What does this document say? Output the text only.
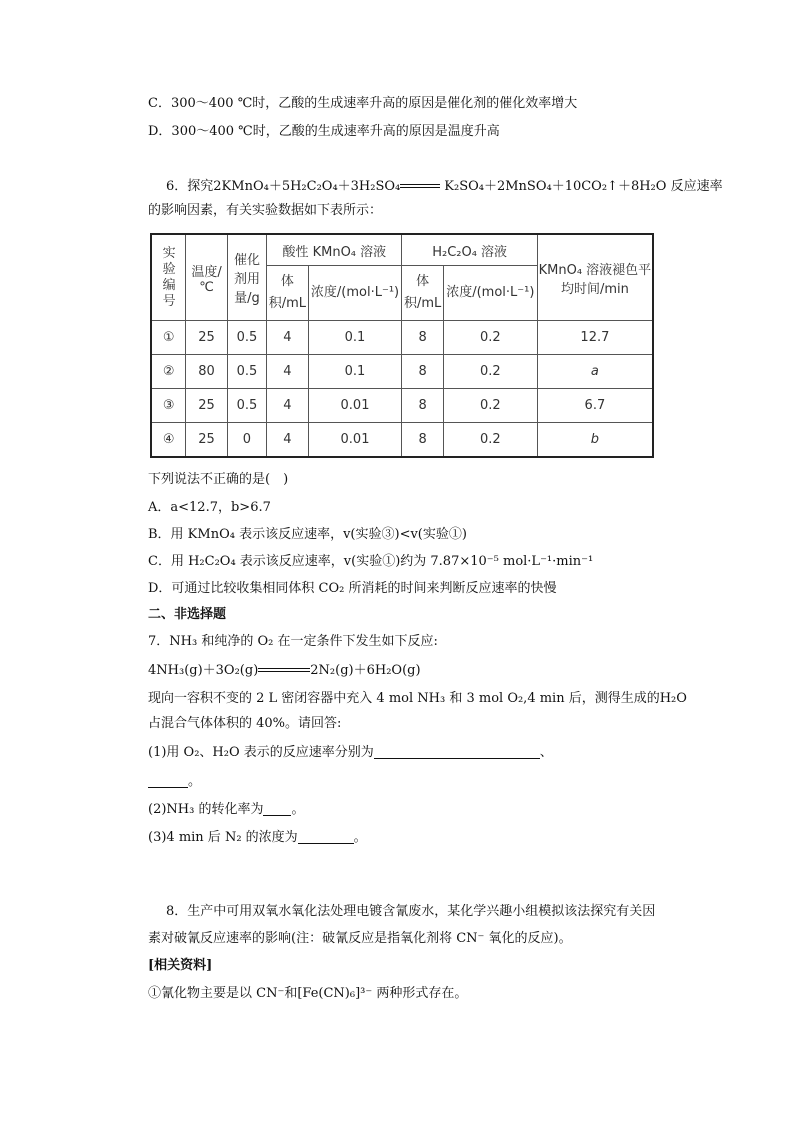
C．300～400 ℃时，乙酸的生成速率升高的原因是催化剂的催化效率增大
D．300～400 ℃时，乙酸的生成速率升高的原因是温度升高
6．探究2KMnO₄＋5H₂C₂O₄＋3H₂SO₄	K₂SO₄＋2MnSO₄＋10CO₂↑＋8H₂O 反应速率
的影响因素，有关实验数据如下表所示：
实验编号	温度/℃	催化剂用量/g	酸性 KMnO₄ 溶液		H₂C₂O₄ 溶液		KMnO₄ 溶液褪色平均时间/min
			体积/mL	浓度/(mol·L⁻¹)	体积/mL	浓度/(mol·L⁻¹)	
①	25	0.5	4	0.1	8	0.2	12.7
②	80	0.5	4	0.1	8	0.2	a
③	25	0.5	4	0.01	8	0.2	6.7
④	25	0	4	0.01	8	0.2	b
下列说法不正确的是(　)
A．a<12.7，b>6.7
B．用 KMnO₄ 表示该反应速率，v(实验③)<v(实验①)
C．用 H₂C₂O₄ 表示该反应速率，v(实验①)约为 7.87×10⁻⁵ mol·L⁻¹·min⁻¹
D．可通过比较收集相同体积 CO₂ 所消耗的时间来判断反应速率的快慢
二、非选择题
7．NH₃ 和纯净的 O₂ 在一定条件下发生如下反应:
4NH₃(g)＋3O₂(g)	2N₂(g)＋6H₂O(g)
现向一容积不变的 2 L 密闭容器中充入 4 mol NH₃ 和 3 mol O₂,4 min 后，测得生成的H₂O
占混合气体体积的 40%。请回答:
(1)用 O₂、H₂O 表示的反应速率分别为	、
。
(2)NH₃ 的转化率为 。
(3)4 min 后 N₂ 的浓度为	。
8．生产中可用双氧水氧化法处理电镀含氰废水，某化学兴趣小组模拟该法探究有关因
素对破氰反应速率的影响(注：破氰反应是指氧化剂将 CN⁻ 氧化的反应)。
[相关资料]
①氰化物主要是以 CN⁻和[Fe(CN)₆]³⁻ 两种形式存在。
